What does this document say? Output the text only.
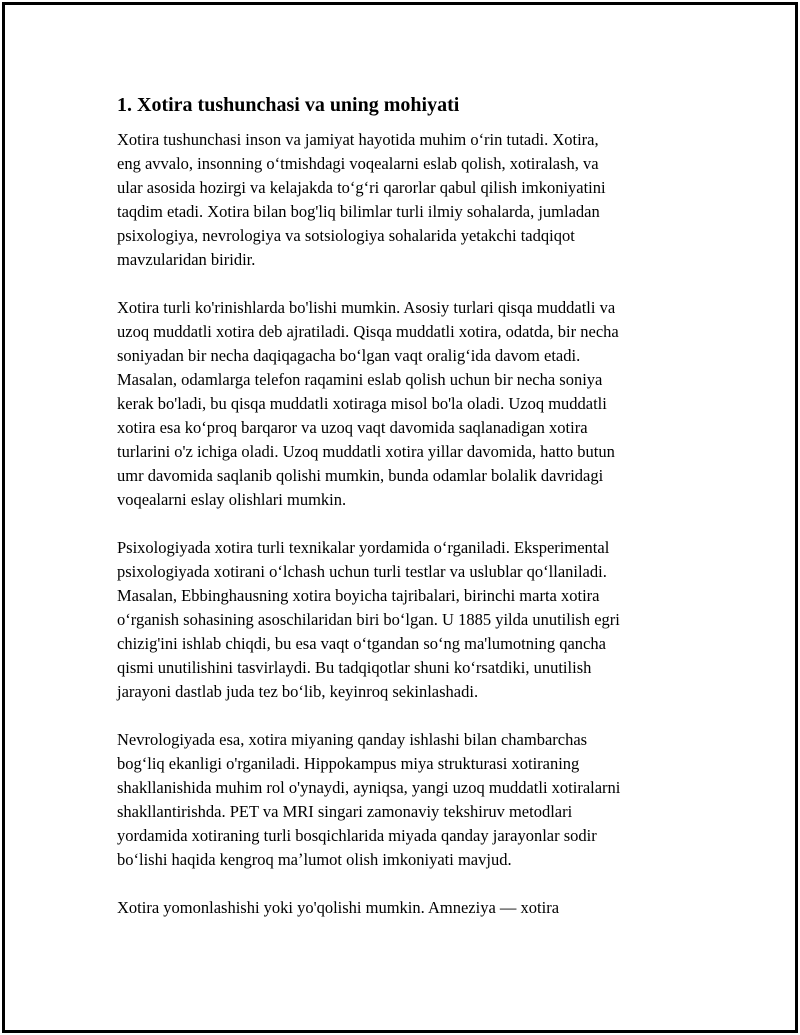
1. Xotira tushunchasi va uning mohiyati

Xotira tushunchasi inson va jamiyat hayotida muhim oʻrin tutadi. Xotira,
eng avvalo, insonning oʻtmishdagi voqealarni eslab qolish, xotiralash, va
ular asosida hozirgi va kelajakda toʻgʻri qarorlar qabul qilish imkoniyatini
taqdim etadi. Xotira bilan bog'liq bilimlar turli ilmiy sohalarda, jumladan
psixologiya, nevrologiya va sotsiologiya sohalarida yetakchi tadqiqot
mavzularidan biridir.

Xotira turli ko'rinishlarda bo'lishi mumkin. Asosiy turlari qisqa muddatli va
uzoq muddatli xotira deb ajratiladi. Qisqa muddatli xotira, odatda, bir necha
soniyadan bir necha daqiqagacha boʻlgan vaqt oraligʻida davom etadi.
Masalan, odamlarga telefon raqamini eslab qolish uchun bir necha soniya
kerak bo'ladi, bu qisqa muddatli xotiraga misol bo'la oladi. Uzoq muddatli
xotira esa koʻproq barqaror va uzoq vaqt davomida saqlanadigan xotira
turlarini o'z ichiga oladi. Uzoq muddatli xotira yillar davomida, hatto butun
umr davomida saqlanib qolishi mumkin, bunda odamlar bolalik davridagi
voqealarni eslay olishlari mumkin.

Psixologiyada xotira turli texnikalar yordamida oʻrganiladi. Eksperimental
psixologiyada xotirani oʻlchash uchun turli testlar va uslublar qoʻllaniladi.
Masalan, Ebbinghausning xotira boyicha tajribalari, birinchi marta xotira
oʻrganish sohasining asoschilaridan biri boʻlgan. U 1885 yilda unutilish egri
chizig'ini ishlab chiqdi, bu esa vaqt oʻtgandan soʻng ma'lumotning qancha
qismi unutilishini tasvirlaydi. Bu tadqiqotlar shuni koʻrsatdiki, unutilish
jarayoni dastlab juda tez boʻlib, keyinroq sekinlashadi.

Nevrologiyada esa, xotira miyaning qanday ishlashi bilan chambarchas
bogʻliq ekanligi o'rganiladi. Hippokampus miya strukturasi xotiraning
shakllanishida muhim rol o'ynaydi, ayniqsa, yangi uzoq muddatli xotiralarni
shakllantirishda. PET va MRI singari zamonaviy tekshiruv metodlari
yordamida xotiraning turli bosqichlarida miyada qanday jarayonlar sodir
boʻlishi haqida kengroq maʼlumot olish imkoniyati mavjud.

Xotira yomonlashishi yoki yo'qolishi mumkin. Amneziya — xotira
